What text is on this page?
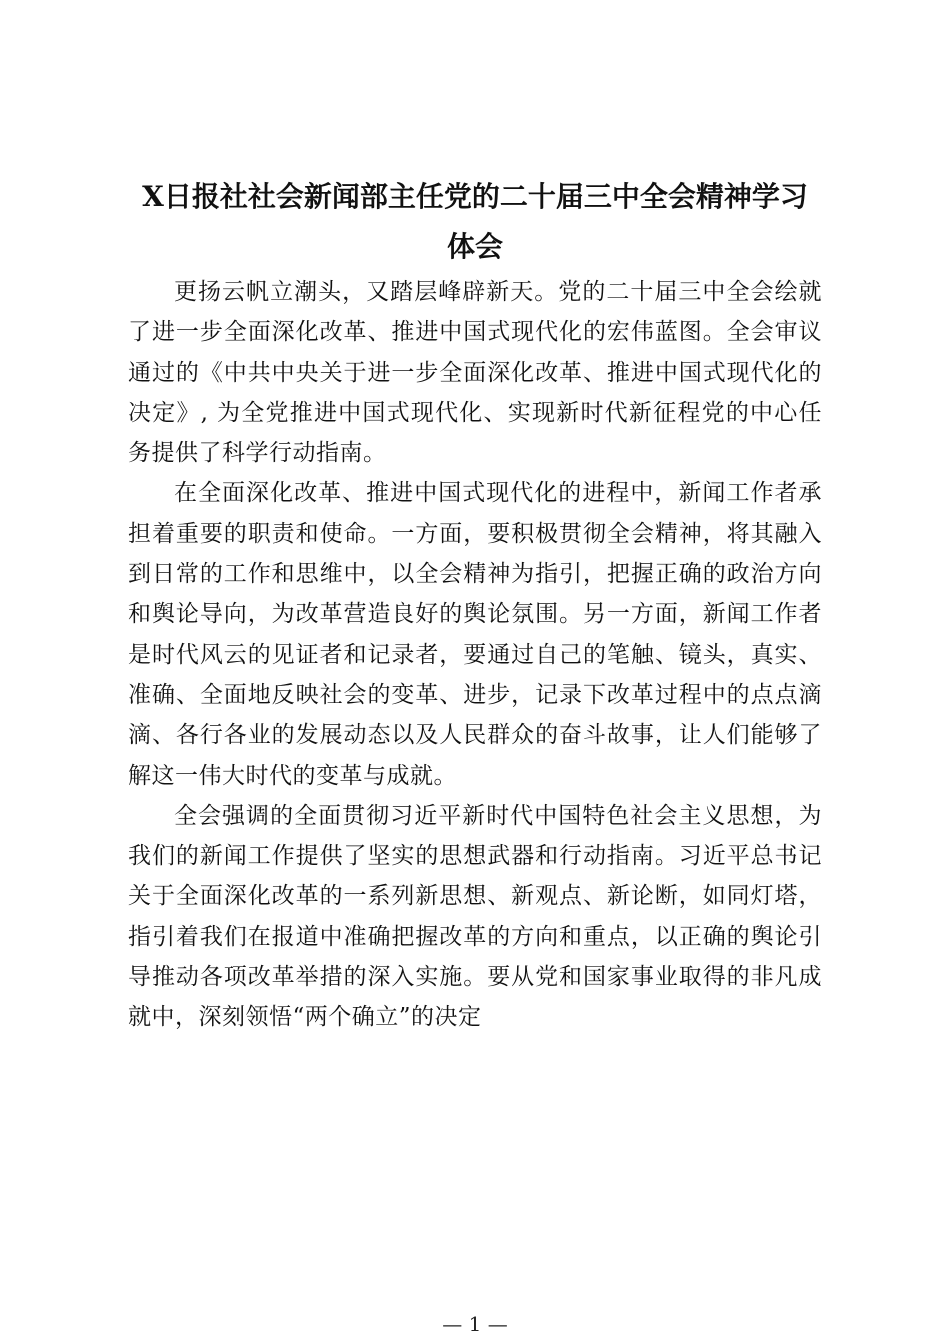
X日报社社会新闻部主任党的二十届三中全会精神学习
体会

更扬云帆立潮头，又踏层峰辟新天。党的二十届三中全会绘就了进一步全面深化改革、推进中国式现代化的宏伟蓝图。全会审议通过的《中共中央关于进一步全面深化改革、推进中国式现代化的决定》, 为全党推进中国式现代化、实现新时代新征程党的中心任务提供了科学行动指南。

在全面深化改革、推进中国式现代化的进程中，新闻工作者承担着重要的职责和使命。一方面，要积极贯彻全会精神，将其融入到日常的工作和思维中，以全会精神为指引，把握正确的政治方向和舆论导向，为改革营造良好的舆论氛围。另一方面，新闻工作者是时代风云的见证者和记录者，要通过自己的笔触、镜头，真实、准确、全面地反映社会的变革、进步，记录下改革过程中的点点滴滴、各行各业的发展动态以及人民群众的奋斗故事，让人们能够了解这一伟大时代的变革与成就。

全会强调的全面贯彻习近平新时代中国特色社会主义思想，为我们的新闻工作提供了坚实的思想武器和行动指南。习近平总书记关于全面深化改革的一系列新思想、新观点、新论断，如同灯塔，指引着我们在报道中准确把握改革的方向和重点，以正确的舆论引导推动各项改革举措的深入实施。要从党和国家事业取得的非凡成就中，深刻领悟“两个确立”的决定

— 1 —
